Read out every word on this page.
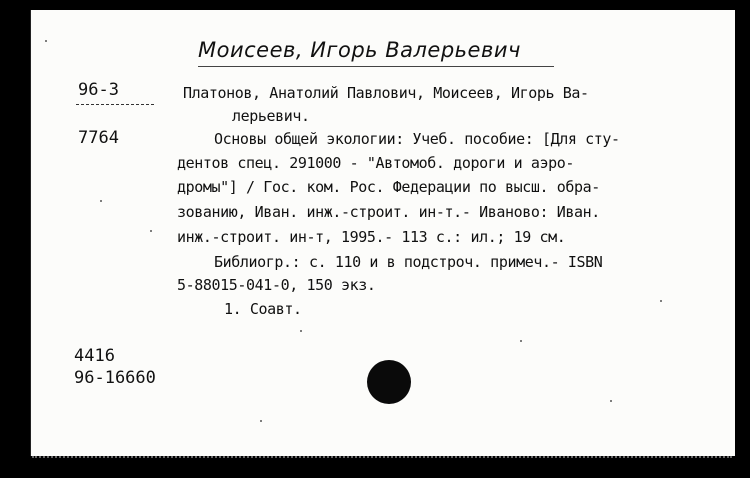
Моисеев, Игорь Валерьевич
96-3
7764
Платонов, Анатолий Павлович, Моисеев, Игорь Ва-
лерьевич.
Основы общей экологии: Учеб. пособие: [Для сту-
дентов спец. 291000 - "Автомоб. дороги и аэро-
дромы"] / Гос. ком. Рос. Федерации по высш. обра-
зованию, Иван. инж.-строит. ин-т.- Иваново: Иван.
инж.-строит. ин-т, 1995.- 113 с.: ил.; 19 см.
Библиогр.: с. 110 и в подстроч. примеч.- ISBN
5-88015-041-0, 150 экз.
1. Соавт.
4416
96-16660
